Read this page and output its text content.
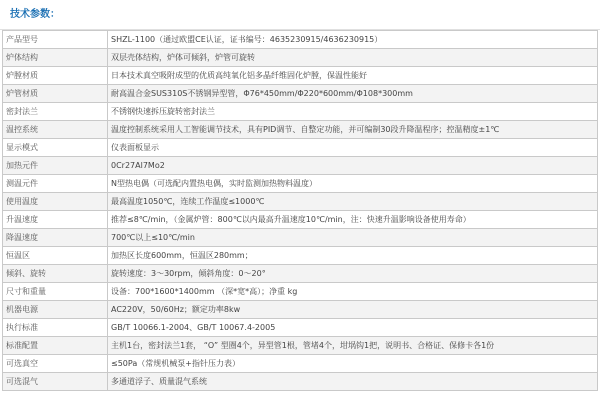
技术参数：
产品型号	SHZL-1100（通过欧盟CE认证，证书编号：4635230915/4636230915）
炉体结构	双层壳体结构，炉体可倾斜，炉管可旋转
炉膛材质	日本技术真空吸附成型的优质高纯氧化铝多晶纤维固化炉膛，保温性能好
炉管材质	耐高温合金SUS310S不锈钢异型管，Φ76*450mm/Φ220*600mm/Φ108*300mm
密封法兰	不锈钢快速拆压旋转密封法兰
温控系统	温度控制系统采用人工智能调节技术，具有PID调节、自整定功能，并可编制30段升降温程序；控温精度±1℃
显示模式	仪表面板显示
加热元件	0Cr27Al7Mo2
测温元件	N型热电偶（可选配内置热电偶，实时监测加热物料温度）
使用温度	最高温度1050℃，连续工作温度≤1000℃
升温速度	推荐≤8℃/min，（金属炉管：800℃以内最高升温速度10℃/min，注：快速升温影响设备使用寿命）
降温速度	700℃以上≤10℃/min
恒温区	加热区长度600mm，恒温区280mm；
倾斜、旋转	旋转速度：3～30rpm，倾斜角度：0～20°
尺寸和重量	设备：700*1600*1400mm （深*宽*高）；净重 kg
机器电源	AC220V，50/60Hz；额定功率8kw
执行标准	GB/T 10066.1-2004、GB/T 10067.4-2005
标准配置	主机1台，密封法兰1套， “O” 型圈4个，异型管1根，管堵4个，坩埚钩1把，说明书、合格证、保修卡各1份
可选真空	≤50Pa（常规机械泵+指针压力表）
可选混气	多通道浮子、质量混气系统
